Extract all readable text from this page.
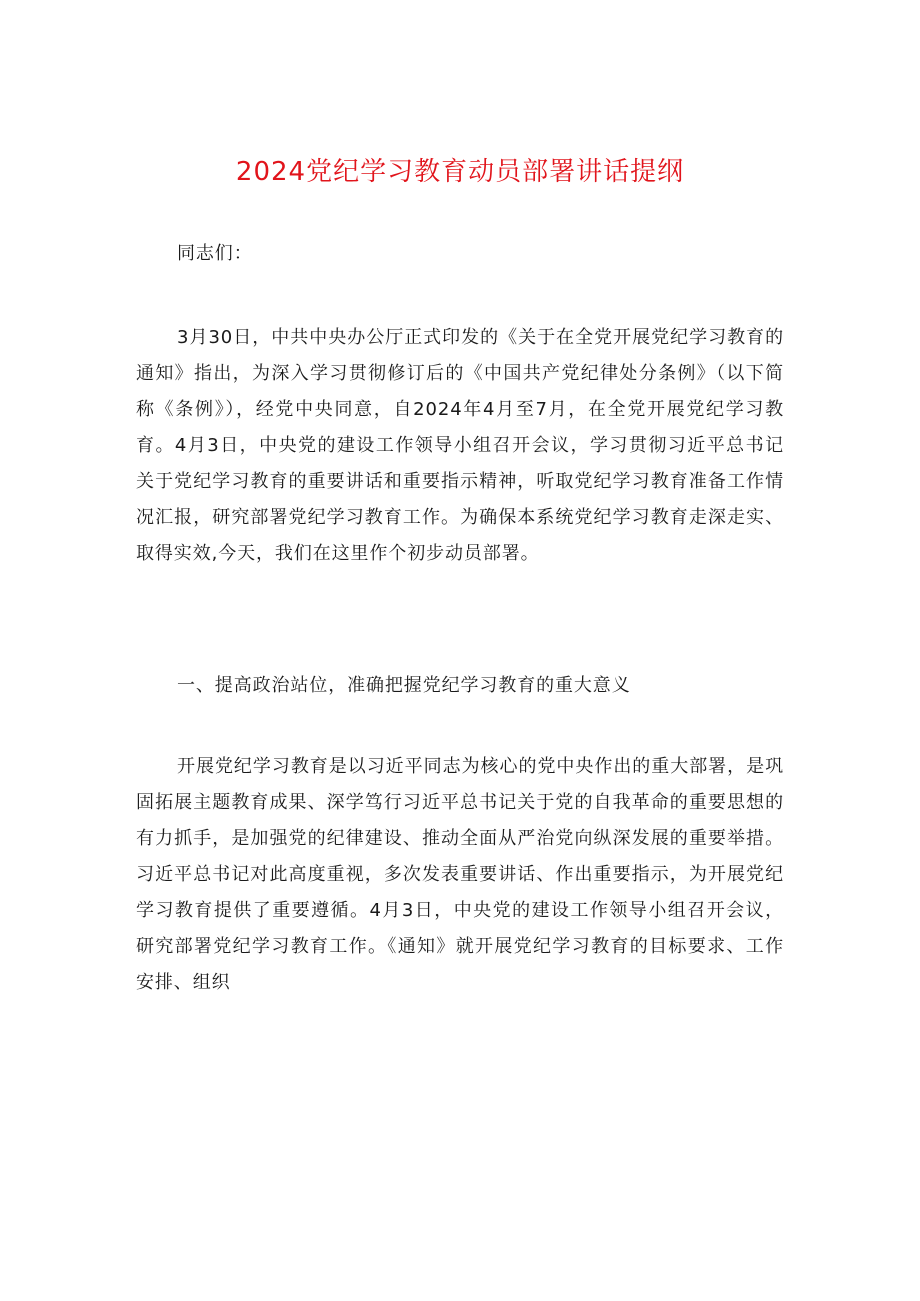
2024党纪学习教育动员部署讲话提纲

同志们：

3月30日，中共中央办公厅正式印发的《关于在全党开展党纪学习教育的通知》指出，为深入学习贯彻修订后的《中国共产党纪律处分条例》（以下简称《条例》），经党中央同意，自2024年4月至7月，在全党开展党纪学习教育。4月3日，中央党的建设工作领导小组召开会议，学习贯彻习近平总书记关于党纪学习教育的重要讲话和重要指示精神，听取党纪学习教育准备工作情况汇报，研究部署党纪学习教育工作。为确保本系统党纪学习教育走深走实、取得实效,今天，我们在这里作个初步动员部署。

一、提高政治站位，准确把握党纪学习教育的重大意义

开展党纪学习教育是以习近平同志为核心的党中央作出的重大部署，是巩固拓展主题教育成果、深学笃行习近平总书记关于党的自我革命的重要思想的有力抓手，是加强党的纪律建设、推动全面从严治党向纵深发展的重要举措。习近平总书记对此高度重视，多次发表重要讲话、作出重要指示，为开展党纪学习教育提供了重要遵循。4月3日，中央党的建设工作领导小组召开会议，研究部署党纪学习教育工作。《通知》就开展党纪学习教育的目标要求、工作安排、组织
